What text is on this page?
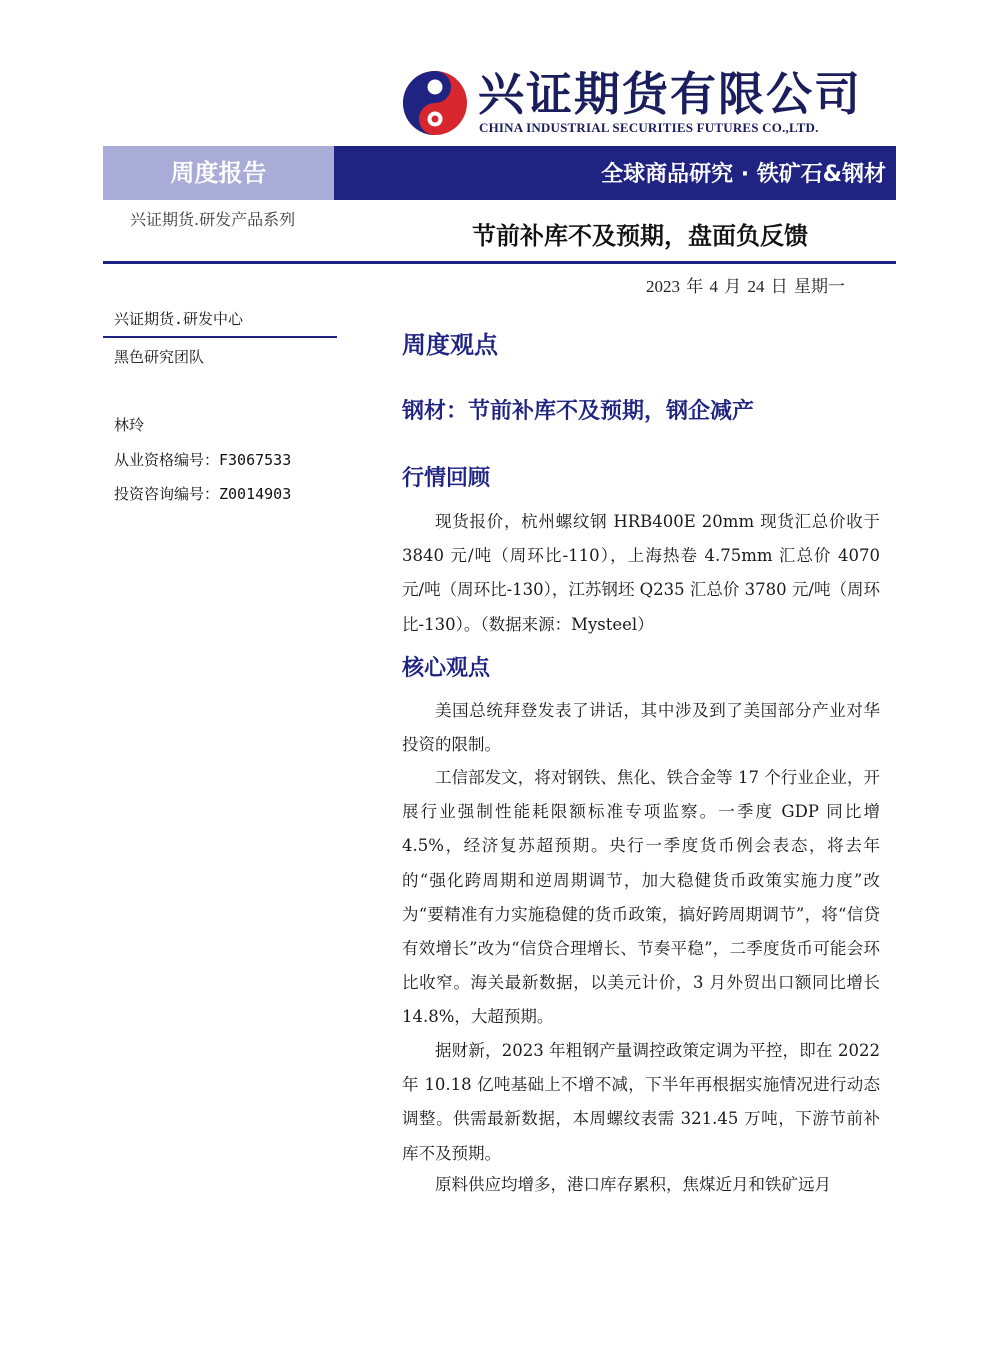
兴证期货有限公司
CHINA INDUSTRIAL SECURITIES FUTURES CO.,LTD.
周度报告	全球商品研究 · 铁矿石&钢材
兴证期货.研发产品系列
节前补库不及预期，盘面负反馈
2023 年 4 月 24 日 星期一
兴证期货.研发中心
黑色研究团队
林玲
从业资格编号：F3067533
投资咨询编号：Z0014903
周度观点
钢材：节前补库不及预期，钢企减产
行情回顾

现货报价，杭州螺纹钢 HRB400E 20mm 现货汇总价收于 3840 元/吨（周环比-110），上海热卷 4.75mm 汇总价 4070 元/吨（周环比-130），江苏钢坯 Q235 汇总价 3780 元/吨（周环比-130）。（数据来源：Mysteel）

核心观点

美国总统拜登发表了讲话，其中涉及到了美国部分产业对华投资的限制。

工信部发文，将对钢铁、焦化、铁合金等 17 个行业企业，开展行业强制性能耗限额标准专项监察。一季度 GDP 同比增 4.5%，经济复苏超预期。央行一季度货币例会表态，将去年的“强化跨周期和逆周期调节，加大稳健货币政策实施力度”改为“要精准有力实施稳健的货币政策，搞好跨周期调节”，将“信贷有效增长”改为“信贷合理增长、节奏平稳”，二季度货币可能会环比收窄。海关最新数据，以美元计价，3 月外贸出口额同比增长 14.8%，大超预期。

据财新，2023 年粗钢产量调控政策定调为平控，即在 2022 年 10.18 亿吨基础上不增不减，下半年再根据实施情况进行动态调整。供需最新数据，本周螺纹表需 321.45 万吨，下游节前补库不及预期。

原料供应均增多，港口库存累积，焦煤近月和铁矿远月
